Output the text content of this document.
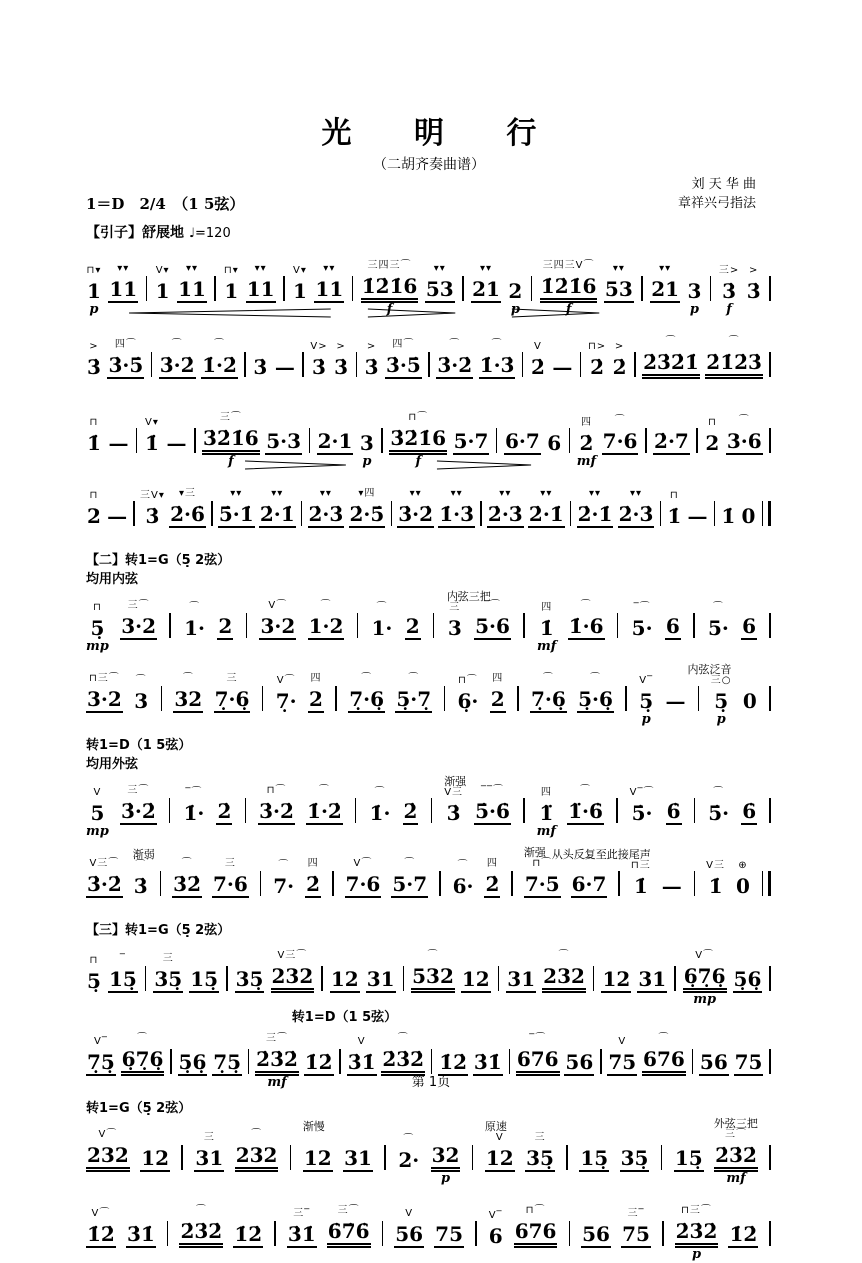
光 明 行
（二胡齐奏曲谱）
1＝D　2/4　（1 5弦）
刘 天 华 曲
章祥兴弓指法
【引子】舒展地 ♩=120
⊓▾
1
p
▾▾
11
V▾
1
▾▾
11
⊓▾
1
▾▾
11
V▾
1
▾▾
11
三四三⌒
1̇2̇1̇6
f
▾▾
53
▾▾
21 2
p
三四三V⌒
1̇2̇1̇6
f
▾▾
53
▾▾
21 3
p
三>
3̇
f
>
3̇
>
3̇
四⌒
3̇·5̇
⌒
3̇·2̇
⌒
1̇·2̇ 3̇ —
V>
3̇
>
3̇
>
3̇
四⌒
3̇·5̇
⌒
3̇·2̇
⌒
1̇·3̇
V
2̇ —
⊓>
2̇
>
2̇
⌒
2̇3̇2̇1̇
⌒
2̇1̇2̇3̇
⊓
1̇ —
V▾
1̇ —
三⌒
3̇2̇1̇6
f
5·3 2·1 3
p
⊓⌒
3̇2̇1̇6
f
5·7 6·7 6
四
2̇
mf
⌒
7·6 2̇·7
⊓
2
⌒
3·6
⊓
2 —
三V▾
3̇
▾三
2̇·6̇
▾▾
5̇·1̇
▾▾
2̇·1̇
▾▾
2̇·3̇
▾四
2̇·5̇
▾▾
3̇·2̇
▾▾
1̇·3̇
▾▾
2̇·3̇
▾▾
2̇·1̇
▾▾
2̇·1̇
▾▾
2̇·3̇
⊓
1̇ — 1̇ 0
【二】转1=G（5̣ 2弦）
均用内弦
⊓
5̣
mp
三⌒
3·2
⌒
1· 2
V⌒
3·2
⌒
1·2
⌒
1· 2
内弦三把
三
3
‾⌒
5·6
四
1̇
mf
⌒
1̇·6
‾⌒
5· 6
⌒
5· 6
⊓三⌒
3·2
⌒
3
⌒
32
三
7̣·6̣
V⌒
7̣·
四
2
⌒
7̣·6̣
⌒
5̣·7̣
⊓⌒
6̣·
四
2
⌒
7̣·6̣
⌒
5̣·6̣
V‾
5̣
p
—
内弦泛音
三○
5̣
p
0
转1=D（1 5弦）
均用外弦
V
5
mp
三⌒
3̇·2̇
‾⌒
1̇· 2̇
⊓⌒
3̇·2̇
⌒
1̇·2̇
⌒
1̇· 2̇
渐强
V三
3̇
‾‾⌒
5̇·6̇
四
1̈
mf
⌒
1̈·6̇
V‾⌒
5̇· 6̇
⌒
5̇· 6̇
V三⌒
3̇·2̇
渐弱
⌒
3̇
⌒
3̇2̇
三
7·6
⌒
7·
四
2̇
V⌒
7·6
⌒
5·7
⌒
6·
四
2̇
渐强
⊓⌒
7·5
⌒
6·7
从头反复至此接尾声
⊓三
1̇ —
V三
1̇
⊕
0
【三】转1=G（5̣ 2弦）
⊓
5̣
‾
15̣
三
35̣ 15̣ 35̣
V三⌒
232 12 31
⌒
532 12 31
⌒
232 12 31
V⌒
6̣7̣6̣
mp
5̣6̣
转1=D（1 5弦）
V‾
7̣5̣
⌒
6̣7̣6̣ 5̣6̣ 7̣5̣
三⌒
2̇3̇2̇
mf
1̇2̇
V
3̇1̇
⌒
2̇3̇2̇ 1̇2̇ 3̇1̇
‾⌒
676 56
V
75
⌒
676 56 75
转1=G（5̣ 2弦）
V⌒
232 12
三
31
⌒
232
渐慢
12 31
⌒
2· 32
p
原速
V
12
三
35̣ 15̣ 35̣ 15̣
外弦三把
三⌒
2̇3̇2̇
mf
V⌒
1̇2̇ 3̇1̇
⌒
2̇3̇2̇ 1̇2̇
三‾
3̇1̇
三⌒
6̇7̇6̇
V
56 75
V‾
6
⊓⌒
676 56
三‾
75
⊓三⌒
2̇3̇2̇
p
1̇2̇
第 1页
